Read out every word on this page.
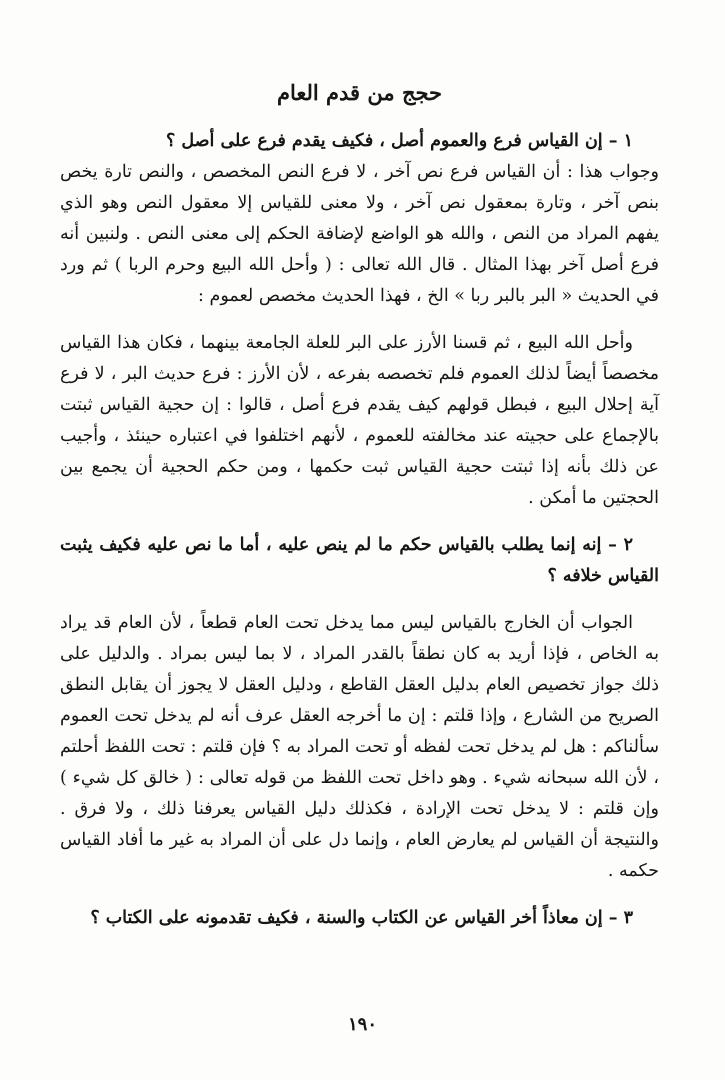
حجج من قدم العام

١ – إن القياس فرع والعموم أصل ، فكيف يقدم فرع على أصل ؟

وجواب هذا : أن القياس فرع نص آخر ، لا فرع النص المخصص ، والنص تارة يخص بنص آخر ، وتارة بمعقول نص آخر ، ولا معنى للقياس إلا معقول النص وهو الذي يفهم المراد من النص ، والله هو الواضع لإضافة الحكم إلى معنى النص . ولنبين أنه فرع أصل آخر بهذا المثال . قال الله تعالى : ( وأحل الله البيع وحرم الربا ) ثم ورد في الحديث « البر بالبر ربا » الخ ، فهذا الحديث مخصص لعموم :

وأحل الله البيع ، ثم قسنا الأرز على البر للعلة الجامعة بينهما ، فكان هذا القياس مخصصاً أيضاً لذلك العموم فلم تخصصه بفرعه ، لأن الأرز : فرع حديث البر ، لا فرع آية إحلال البيع ، فبطل قولهم كيف يقدم فرع أصل ، قالوا : إن حجية القياس ثبتت بالإجماع على حجيته عند مخالفته للعموم ، لأنهم اختلفوا في اعتباره حينئذ ، وأجيب عن ذلك بأنه إذا ثبتت حجية القياس ثبت حكمها ، ومن حكم الحجية أن يجمع بين الحجتين ما أمكن .

٢ – إنه إنما يطلب بالقياس حكم ما لم ينص عليه ، أما ما نص عليه فكيف يثبت القياس خلافه ؟

الجواب أن الخارج بالقياس ليس مما يدخل تحت العام قطعاً ، لأن العام قد يراد به الخاص ، فإذا أريد به كان نطقاً بالقدر المراد ، لا بما ليس بمراد . والدليل على ذلك جواز تخصيص العام بدليل العقل القاطع ، ودليل العقل لا يجوز أن يقابل النطق الصريح من الشارع ، وإذا قلتم : إن ما أخرجه العقل عرف أنه لم يدخل تحت العموم سألناكم : هل لم يدخل تحت لفظه أو تحت المراد به ؟ فإن قلتم : تحت اللفظ أحلتم ، لأن الله سبحانه شيء . وهو داخل تحت اللفظ من قوله تعالى : ( خالق كل شيء ) وإن قلتم : لا يدخل تحت الإرادة ، فكذلك دليل القياس يعرفنا ذلك ، ولا فرق . والنتيجة أن القياس لم يعارض العام ، وإنما دل على أن المراد به غير ما أفاد القياس حكمه .

٣ – إن معاذاً أخر القياس عن الكتاب والسنة ، فكيف تقدمونه على الكتاب ؟

١٩٠
